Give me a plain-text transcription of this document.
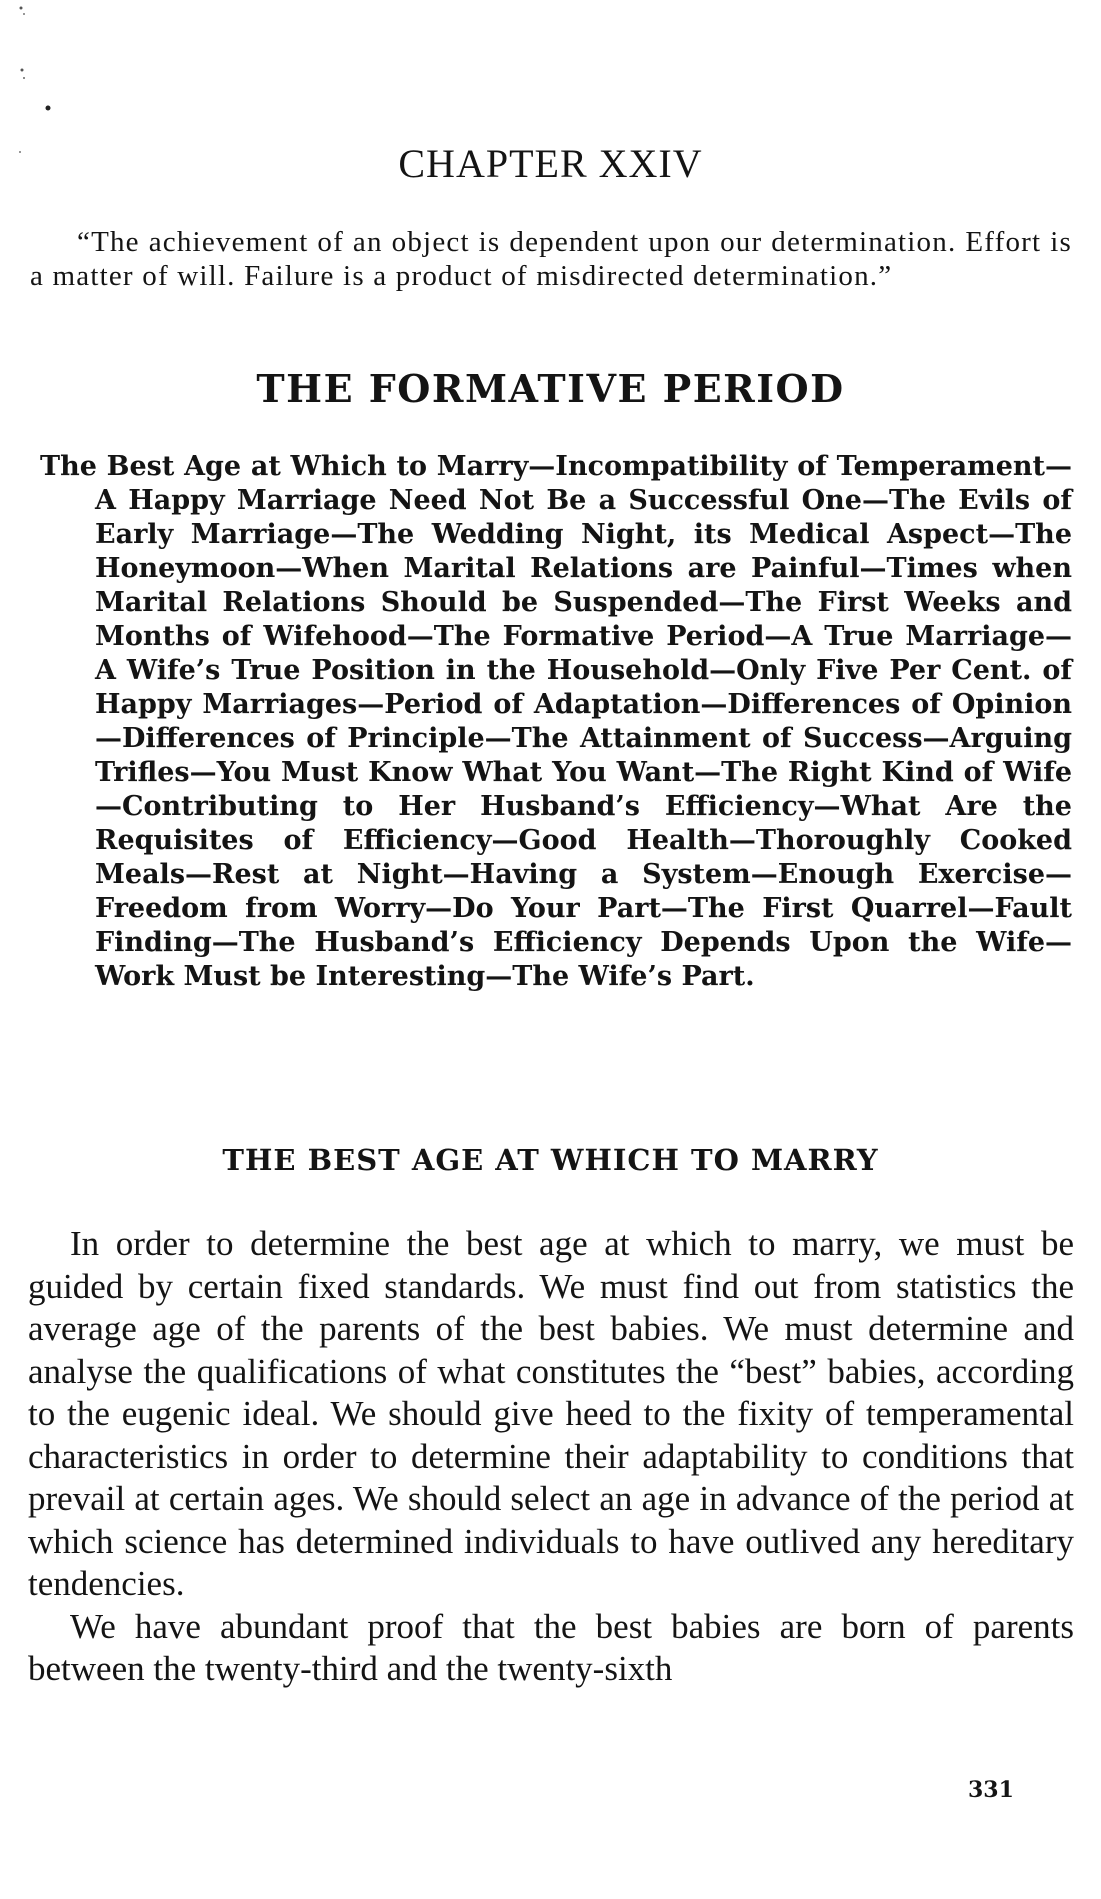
CHAPTER XXIV
“The achievement of an object is dependent upon our determination. Effort is a matter of will. Failure is a product of misdirected determination.”
THE FORMATIVE PERIOD
The Best Age at Which to Marry—Incompatibility of Temperament—A Happy Marriage Need Not Be a Successful One—The Evils of Early Marriage—The Wedding Night, its Medical Aspect—The Honeymoon—When Marital Relations are Painful—Times when Marital Relations Should be Suspended—The First Weeks and Months of Wifehood—The Formative Period—A True Marriage—A Wife’s True Position in the Household—Only Five Per Cent. of Happy Marriages—Period of Adaptation—Differences of Opinion—Differences of Principle—The Attainment of Success—Arguing Trifles—You Must Know What You Want—The Right Kind of Wife—Contributing to Her Husband’s Efficiency—What Are the Requisites of Efficiency—Good Health—Thoroughly Cooked Meals—Rest at Night—Having a System—Enough Exercise—Freedom from Worry—Do Your Part—The First Quarrel—Fault Finding—The Husband’s Efficiency Depends Upon the Wife—Work Must be Interesting—The Wife’s Part.
THE BEST AGE AT WHICH TO MARRY

In order to determine the best age at which to marry, we must be guided by certain fixed standards. We must find out from statistics the average age of the parents of the best babies. We must determine and analyse the qualifications of what constitutes the “best” babies, according to the eugenic ideal. We should give heed to the fixity of temperamental characteristics in order to determine their adaptability to conditions that prevail at certain ages. We should select an age in advance of the period at which science has determined individuals to have outlived any hereditary tendencies.

We have abundant proof that the best babies are born of parents between the twenty-third and the twenty-sixth

331
